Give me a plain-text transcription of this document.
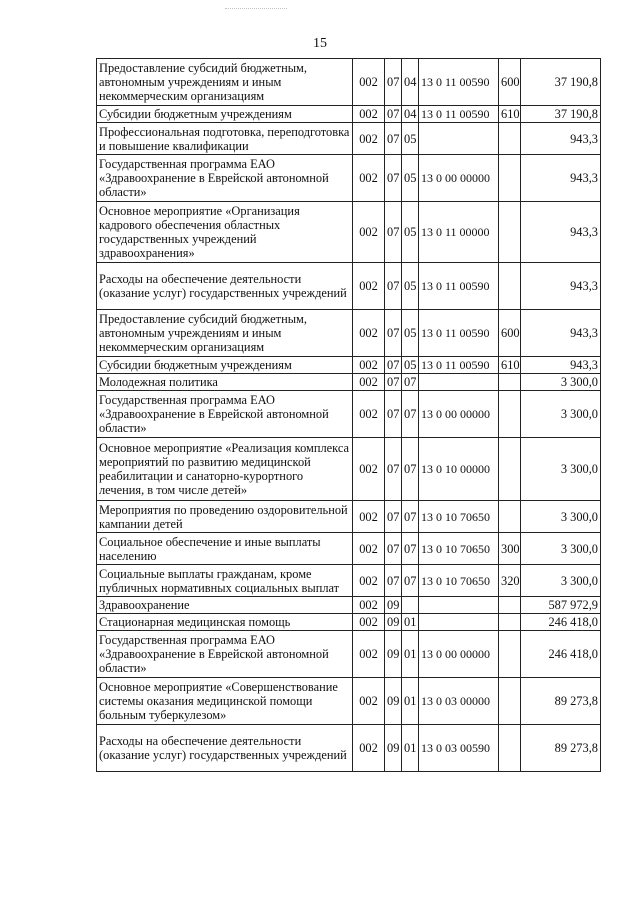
15
Предоставление субсидий бюджетным, автономным учреждениям и иным некоммерческим организациям	002	07	04	13 0 11 00590	600	37 190,8
Субсидии бюджетным учреждениям	002	07	04	13 0 11 00590	610	37 190,8
Профессиональная подготовка, переподготовка и повышение квалификации	002	07	05			943,3
Государственная программа ЕАО «Здравоохранение в Еврейской автономной области»	002	07	05	13 0 00 00000		943,3
Основное мероприятие «Организация кадрового обеспечения областных государственных учреждений здравоохранения»	002	07	05	13 0 11 00000		943,3
Расходы на обеспечение деятельности (оказание услуг) государственных учреждений	002	07	05	13 0 11 00590		943,3
Предоставление субсидий бюджетным, автономным учреждениям и иным некоммерческим организациям	002	07	05	13 0 11 00590	600	943,3
Субсидии бюджетным учреждениям	002	07	05	13 0 11 00590	610	943,3
Молодежная политика	002	07	07			3 300,0
Государственная программа ЕАО «Здравоохранение в Еврейской автономной области»	002	07	07	13 0 00 00000		3 300,0
Основное мероприятие «Реализация комплекса мероприятий по развитию медицинской реабилитации и санаторно-курортного лечения, в том числе детей»	002	07	07	13 0 10 00000		3 300,0
Мероприятия по проведению оздоровительной кампании детей	002	07	07	13 0 10 70650		3 300,0
Социальное обеспечение и иные выплаты населению	002	07	07	13 0 10 70650	300	3 300,0
Социальные выплаты гражданам, кроме публичных нормативных социальных выплат	002	07	07	13 0 10 70650	320	3 300,0
Здравоохранение	002	09				587 972,9
Стационарная медицинская помощь	002	09	01			246 418,0
Государственная программа ЕАО «Здравоохранение в Еврейской автономной области»	002	09	01	13 0 00 00000		246 418,0
Основное мероприятие «Совершенствование системы оказания медицинской помощи больным туберкулезом»	002	09	01	13 0 03 00000		89 273,8
Расходы на обеспечение деятельности (оказание услуг) государственных учреждений	002	09	01	13 0 03 00590		89 273,8
